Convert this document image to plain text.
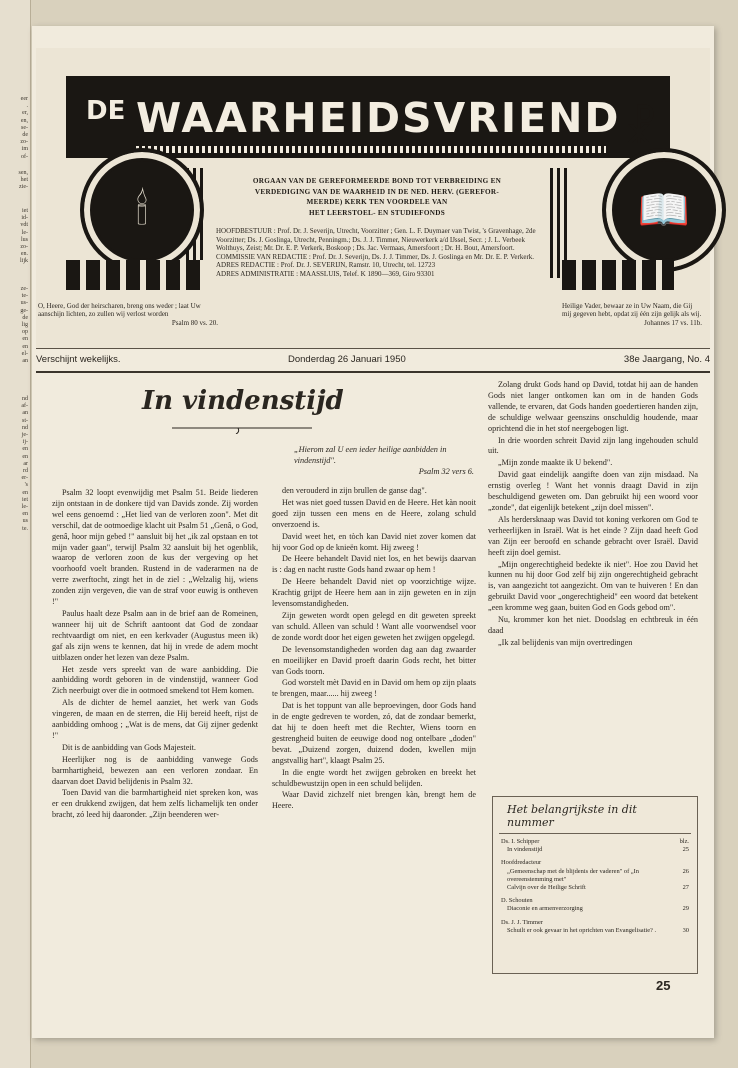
eer
.
er,
en,
se-
de
zo-
im
of-
sen,
het
zie-
iet
id-
vdt
le-
lus
zo-
en.
lijk
ze-
te-
us-
ge-
de
lig
op
en
en
el-
an
nd
af-
an
st-
nd
je-
ij-
en
en
ar
rd
er-
's
en
iet
le-
en
us
te.
DE WAARHEIDSVRIEND ☧
🕯	📖
ORGAAN VAN DE GEREFORMEERDE BOND TOT VERBREIDING EN
VERDEDIGING VAN DE WAARHEID IN DE NED. HERV. (GEREFOR-
MEERDE) KERK TEN VOORDELE VAN
HET LEERSTOEL- EN STUDIEFONDS

HOOFDBESTUUR : Prof. Dr. J. Severijn, Utrecht, Voorzitter ; Gen. L. F. Duymaer van Twist, 's Gravenhage, 2de Voorzitter; Ds. J. Goslinga, Utrecht, Penningm.; Ds. J. J. Timmer, Nieuwerkerk a/d IJssel, Secr. ; J. L. Verbeek Wolthuys, Zeist; Mr. Dr. E. P. Verkerk, Boskoop ; Ds. Jac. Vermaas, Amersfoort ; Dr. H. Bout, Amersfoort.

COMMISSIE VAN REDACTIE : Prof. Dr. J. Severijn, Ds. J. J. Timmer, Ds. J. Goslinga en Mr. Dr. E. P. Verkerk.

ADRES REDACTIE : Prof. Dr. J. SEVERIJN, Ramstr. 10, Utrecht, tel. 12723

ADRES ADMINISTRATIE : MAASSLUIS, Telef. K 1890—369, Giro 93301

O, Heere, God der heirscharen, breng ons weder ; laat Uw aanschijn lichten, zo zullen wij verlost worden
Psalm 80 vs. 20.
Heilige Vader, bewaar ze in Uw Naam, die Gij mij gegeven hebt, opdat zij één zijn gelijk als wij.
Johannes 17 vs. 11b.
Verschijnt wekelijks.	Donderdag 26 Januari 1950	38e Jaargang, No. 4
In vindenstijd
„Hierom zal U een ieder heilige aanbidden in vindenstijd".
Psalm 32 vers 6.

Psalm 32 loopt evenwijdig met Psalm 51. Beide liederen zijn ontstaan in de donkere tijd van Davids zonde. Zij worden wel eens genoemd : „Het lied van de verloren zoon". Met dit verschil, dat de ootmoedige klacht uit Psalm 51 „Genâ, o God, genâ, hoor mijn gebed !" aansluit bij het „ik zal opstaan en tot mijn vader gaan", terwijl Psalm 32 aansluit bij het ogenblik, waarop de verloren zoon de kus der vergeving op het voorhoofd voelt branden. Rustend in de vaderarmen na de verre zwerftocht, zingt het in de ziel : „Welzalig hij, wiens zonden zijn vergeven, die van de straf voor euwig is ontheven !"

Paulus haalt deze Psalm aan in de brief aan de Romeinen, wanneer hij uit de Schrift aantoont dat God de zondaar rechtvaardigt om niet, en een kerkvader (Augustus meen ik) gaf als zijn wens te kennen, dat hij in vrede de adem mocht uitblazen onder het lezen van deze Psalm.

Het zesde vers spreekt van de ware aanbidding. Die aanbidding wordt geboren in de vindenstijd, wanneer God Zich neerbuigt over die in ootmoed smekend tot Hem komen.

Als de dichter de hemel aanziet, het werk van Gods vingeren, de maan en de sterren, die Hij bereid heeft, rijst de aanbidding omhoog ; „Wat is de mens, dat Gij zijner gedenkt !"

Dit is de aanbidding van Gods Majesteit.

Heerlijker nog is de aanbidding vanwege Gods barmhartigheid, bewezen aan een verloren zondaar. En daarvan doet David belijdenis in Psalm 32.

Toen David van die barmhartigheid niet spreken kon, was er een drukkend zwijgen, dat hem zelfs lichamelijk ten onder bracht, zó leed hij daaronder. „Zijn beenderen wer-

den verouderd in zijn brullen de ganse dag".

Het was niet goed tussen David en de Heere. Het kàn nooit goed zijn tussen een mens en de Heere, zolang schuld onverzoend is.

David weet het, en tòch kan David niet zover komen dat hij voor God op de knieën komt. Hij zweeg !

De Heere behandelt David niet los, en het bewijs daarvan is : dag en nacht rustte Gods hand zwaar op hem !

De Heere behandelt David niet op voorzichtige wijze. Krachtig grijpt de Heere hem aan in zijn geweten en in zijn levensomstandigheden.

Zijn geweten wordt open gelegd en dit geweten spreekt van schuld. Alleen van schuld ! Want alle voorwendsel voor de zonde wordt door het eigen geweten het zwijgen opgelegd.

De levensomstandigheden worden dag aan dag zwaarder en moeilijker en David proeft daarin Gods recht, het bitter van Gods toorn.

God worstelt mèt David en in David om hem op zijn plaats te brengen, maar...... hij zweeg !

Dat is het toppunt van alle beproevingen, door Gods hand in de engte gedreven te worden, zó, dat de zondaar bemerkt, dat hij te doen heeft met die Rechter, Wiens toorn en gestrengheid buiten de eeuwige dood nog ontelbare „doden" bevat. „Duizend zorgen, duizend doden, kwellen mijn angstvallig hart", klaagt Psalm 25.

In die engte wordt het zwijgen gebroken en breekt het schuldbewustzijn open in een schuld belijden.

Waar David zichzelf niet brengen kàn, brengt hem de Heere.

Zolang drukt Gods hand op David, totdat hij aan de handen Gods niet langer ontkomen kan om in de handen Gods vallende, te ervaren, dat Gods handen goedertieren handen zijn, de schuldige welwaar geenszins onschuldig houdende, maar oprichtend die in het stof neergebogen ligt.

In drie woorden schreit David zijn lang ingehouden schuld uit.

„Mijn zonde maakte ik U bekend".

David gaat eindelijk aangifte doen van zijn misdaad. Na ernstig overleg ! Want het vonnis draagt David in zijn beschuldigend geweten om. Dan gebruikt hij een woord voor „zonde", dat eigenlijk betekent „zijn doel missen".

Als herdersknaap was David tot koning verkoren om God te verheerlijken in Israël. Wat is het einde ? Zijn daad heeft God van Zijn eer beroofd en schande gebracht over Israël. David heeft zijn doel gemist.

„Mijn ongerechtigheid bedekte ik niet". Hoe zou David het kunnen nu hij door God zelf bij zijn ongerechtigheid gebracht is, van aangezicht tot aangezicht. Om van te huiveren ! En dan gebruikt David voor „ongerechtigheid" een woord dat betekent „een kromme weg gaan, buiten God en Gods gebod om".

Nu, krommer kon het niet. Doodslag en echtbreuk in één daad

„Ik zal belijdenis van mijn overtredingen

Het belangrijkste in dit nummer
Ds. I. Schipper	blz.
In vindenstijd	25
Hoofdredacteur
„Gemeenschap met de blijdenis der vaderen" of „In overeenstemming met"
26
Calvijn over de Heilige Schrift	27
D. Schouten
Diaconie en armenverzorging	29
Ds. J. J. Timmer
Schuilt er ook gevaar in het oprichten van Evangelisatie? .	30
25
